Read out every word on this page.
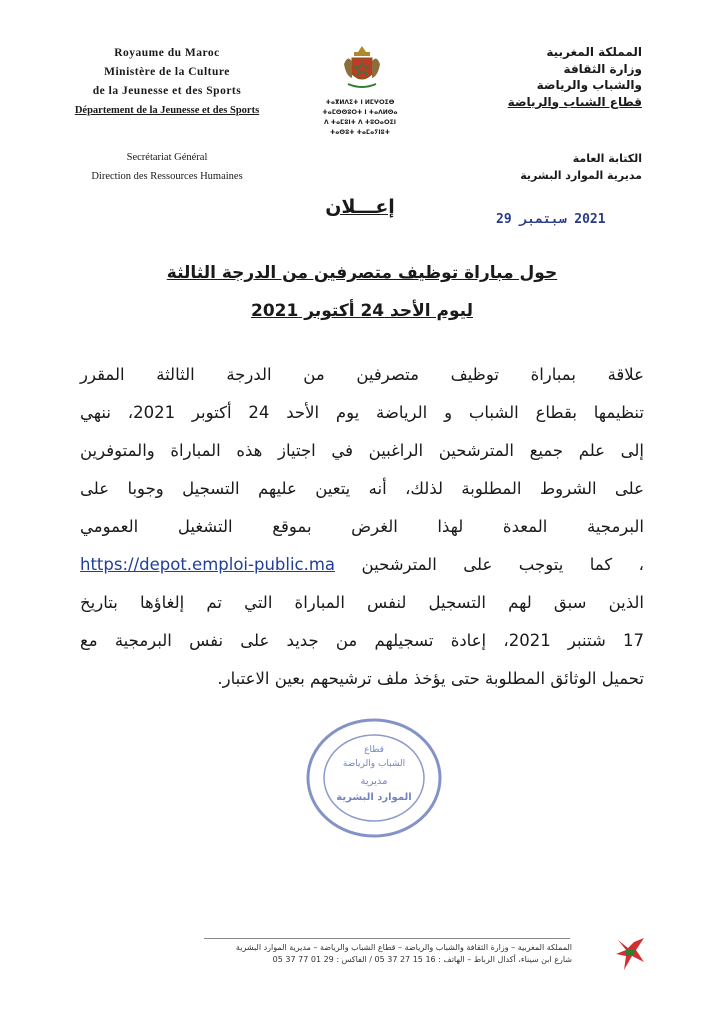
Royaume du Maroc
Ministère de la Culture
de la Jeunesse et des Sports
Département de la Jeunesse et des Sports
Secrétariat Général
Direction des Ressources Humaines
ⵜⴰⴳⵍⴷⵉⵜ ⵏ ⵍⵎⵖⵔⵉⴱ
ⵜⴰⵎⵙⵙⵓⵔⵜ ⵏ ⵜⴰⴷⵍⵙⴰ
ⴷ ⵜⴰⵎⵓⵏⵜ ⴷ ⵜⵓⵔⴰⵔⵉⵏ
ⵜⴰⵙⵓⵜ ⵜⴰⵎⴰⵢⵏⵓⵜ
المملكة المغربية
وزارة الثقافة
والشباب والرياضة
قطاع الشباب والرياضة
الكتابة العامة
مديرية الموارد البشرية
إعـــلان
2021 سبتمبر 29
حول مباراة توظيف متصرفين من الدرجة الثالثة
ليوم الأحد 24 أكتوبر 2021
علاقة بمباراة توظيف متصرفين من الدرجة الثالثة المقرر
تنظيمها بقطاع الشباب و الرياضة يوم الأحد 24 أكتوبر 2021، ننهي
إلى علم جميع المترشحين الراغبين في اجتياز هذه المباراة والمتوفرين
على الشروط المطلوبة لذلك، أنه يتعين عليهم التسجيل وجوبا على
البرمجية المعدة لهذا الغرض بموقع التشغيل العمومي
، كما يتوجب على المترشحين https://depot.emploi-public.ma
الذين سبق لهم التسجيل لنفس المباراة التي تم إلغاؤها بتاريخ
17 شتنبر 2021، إعادة تسجيلهم من جديد على نفس البرمجية مع
تحميل الوثائق المطلوبة حتى يؤخذ ملف ترشيحهم بعين الاعتبار.
قطاع
الشباب والرياضة
مديرية
الموارد البشرية
المملكة المغربية – وزارة الثقافة والشباب والرياضة – قطاع الشباب والرياضة – مديرية الموارد البشرية
شارع ابن سيناء، أكدال الرباط – الهاتف : 16 15 27 37 05 / الفاكس : 29 01 77 37 05
